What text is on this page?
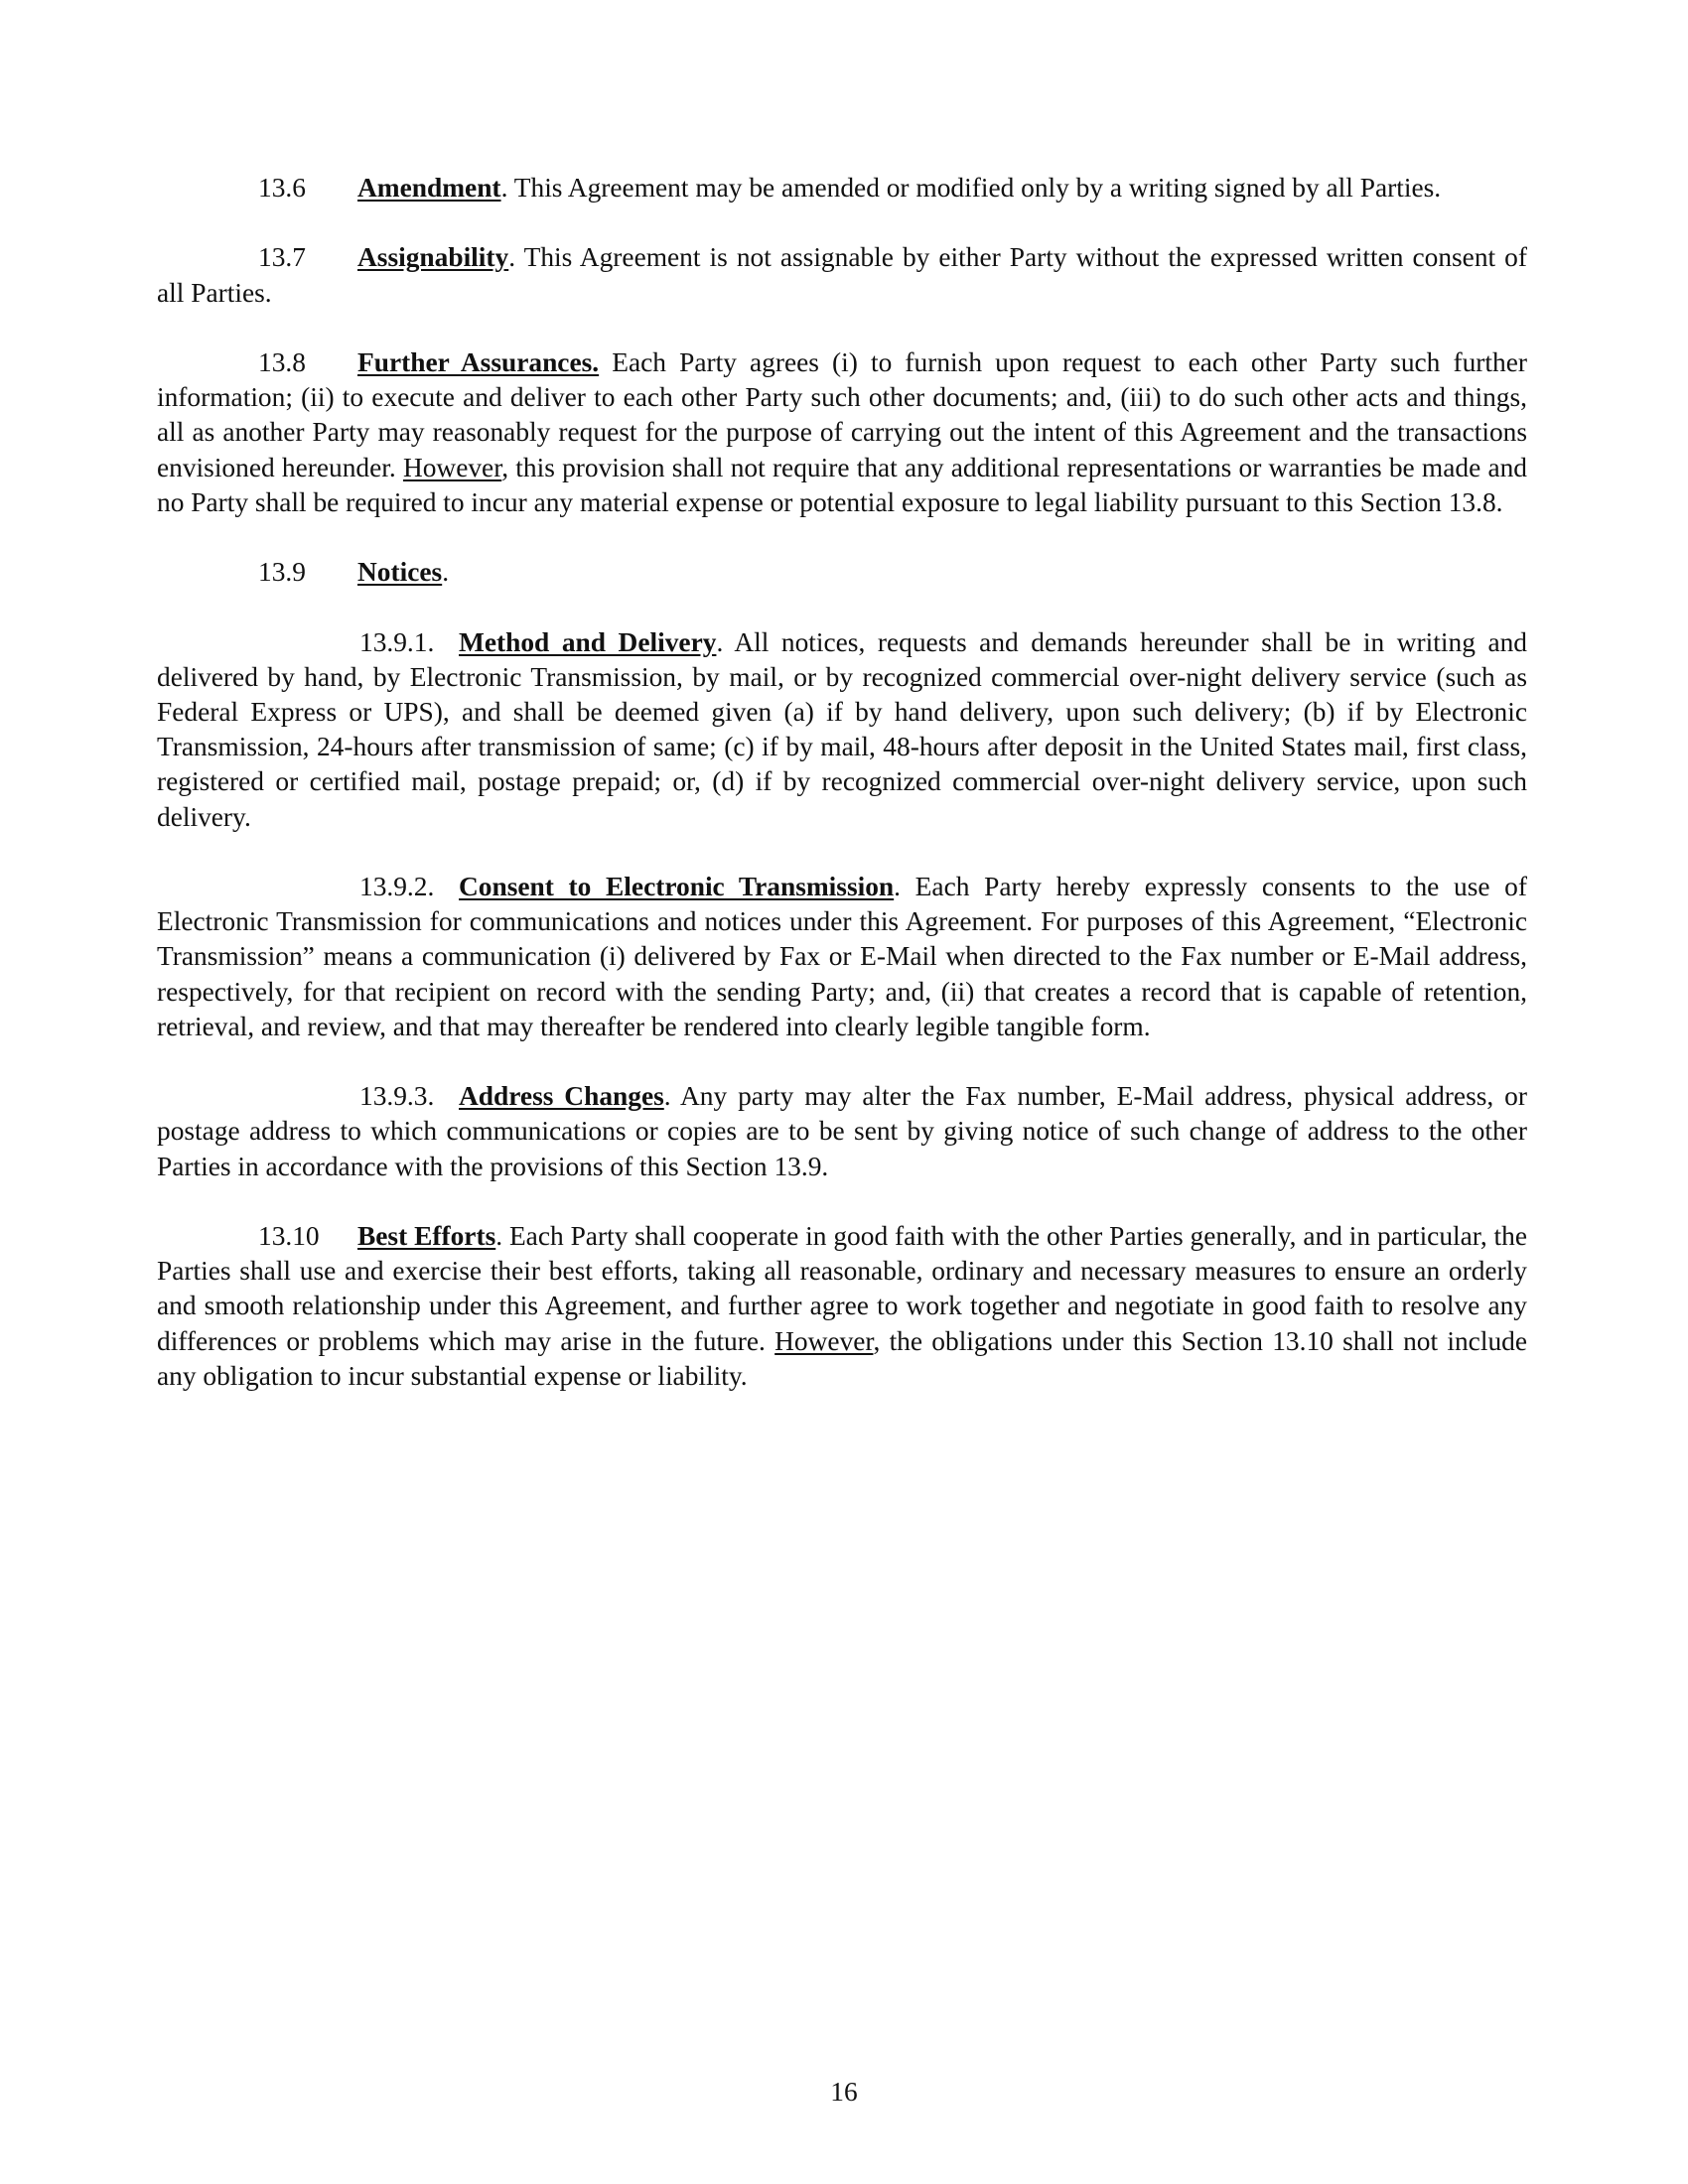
13.6 Amendment. This Agreement may be amended or modified only by a writing signed by all Parties.

13.7 Assignability. This Agreement is not assignable by either Party without the expressed written consent of all Parties.

13.8 Further Assurances. Each Party agrees (i) to furnish upon request to each other Party such further information; (ii) to execute and deliver to each other Party such other documents; and, (iii) to do such other acts and things, all as another Party may reasonably request for the purpose of carrying out the intent of this Agreement and the transactions envisioned hereunder. However, this provision shall not require that any additional representations or warranties be made and no Party shall be required to incur any material expense or potential exposure to legal liability pursuant to this Section 13.8.

13.9 Notices.

13.9.1. Method and Delivery. All notices, requests and demands hereunder shall be in writing and delivered by hand, by Electronic Transmission, by mail, or by recognized commercial over-night delivery service (such as Federal Express or UPS), and shall be deemed given (a) if by hand delivery, upon such delivery; (b) if by Electronic Transmission, 24-hours after transmission of same; (c) if by mail, 48-hours after deposit in the United States mail, first class, registered or certified mail, postage prepaid; or, (d) if by recognized commercial over-night delivery service, upon such delivery.

13.9.2. Consent to Electronic Transmission. Each Party hereby expressly consents to the use of Electronic Transmission for communications and notices under this Agreement. For purposes of this Agreement, “Electronic Transmission” means a communication (i) delivered by Fax or E-Mail when directed to the Fax number or E-Mail address, respectively, for that recipient on record with the sending Party; and, (ii) that creates a record that is capable of retention, retrieval, and review, and that may thereafter be rendered into clearly legible tangible form.

13.9.3. Address Changes. Any party may alter the Fax number, E-Mail address, physical address, or postage address to which communications or copies are to be sent by giving notice of such change of address to the other Parties in accordance with the provisions of this Section 13.9.

13.10 Best Efforts. Each Party shall cooperate in good faith with the other Parties generally, and in particular, the Parties shall use and exercise their best efforts, taking all reasonable, ordinary and necessary measures to ensure an orderly and smooth relationship under this Agreement, and further agree to work together and negotiate in good faith to resolve any differences or problems which may arise in the future. However, the obligations under this Section 13.10 shall not include any obligation to incur substantial expense or liability.

16
